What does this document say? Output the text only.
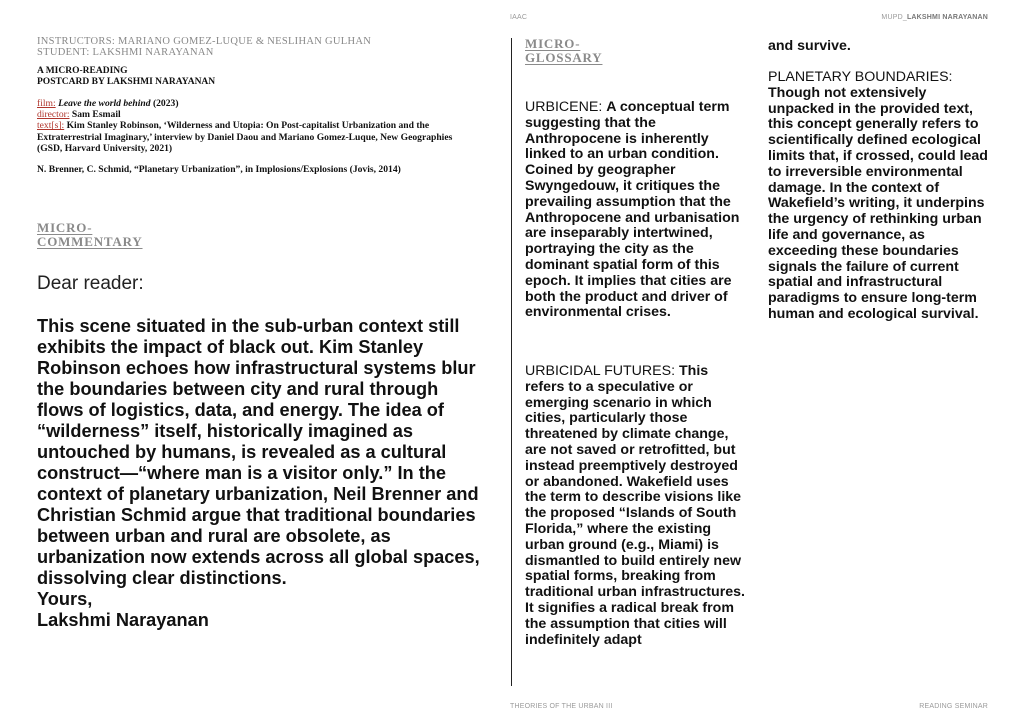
IAAC	MUPD_LAKSHMI NARAYANAN
INSTRUCTORS: MARIANO GOMEZ-LUQUE & NESLIHAN GULHAN
STUDENT: LAKSHMI NARAYANAN
A MICRO-READING
POSTCARD BY LAKSHMI NARAYANAN
film: Leave the world behind (2023)
director: Sam Esmail
text[s]: Kim Stanley Robinson, ‘Wilderness and Utopia: On Post-capitalist Urbanization and the Extraterrestrial Imaginary,’ interview by Daniel Daou and Mariano Gomez-Luque, New Geographies (GSD, Harvard University, 2021)
N. Brenner, C. Schmid, “Planetary Urbanization”, in Implosions/Explosions (Jovis, 2014)
MICRO-
COMMENTARY
Dear reader:
This scene situated in the sub-urban context still exhibits the impact of black out. Kim Stanley Robinson echoes how infrastructural systems blur the boundaries between city and rural through flows of logistics, data, and energy. The idea of “wilderness” itself, historically imagined as untouched by humans, is revealed as a cultural construct—“where man is a visitor only.” In the context of planetary urbanization, Neil Brenner and Christian Schmid argue that traditional boundaries between urban and rural are obsolete, as urbanization now extends across all global spaces, dissolving clear distinctions.
Yours,
Lakshmi Narayanan
MICRO-
GLOSSARY
URBICENE: A conceptual term suggesting that the Anthropocene is inherently linked to an urban condition. Coined by geographer Swyngedouw, it critiques the prevailing assumption that the Anthropocene and urbanisation are inseparably intertwined, portraying the city as the dominant spatial form of this epoch. It implies that cities are both the product and driver of environmental crises.
URBICIDAL FUTURES: This refers to a speculative or emerging scenario in which cities, particularly those threatened by climate change, are not saved or retrofitted, but instead preemptively destroyed or abandoned. Wakefield uses the term to describe visions like the proposed “Islands of South Florida,” where the existing urban ground (e.g., Miami) is dismantled to build entirely new spatial forms, breaking from traditional urban infrastructures. It signifies a radical break from the assumption that cities will indefinitely adapt
and survive.
PLANETARY BOUNDARIES:
Though not extensively unpacked in the provided text, this concept generally refers to scientifically defined ecological limits that, if crossed, could lead to irreversible environmental damage. In the context of Wakefield’s writing, it underpins the urgency of rethinking urban life and governance, as exceeding these boundaries signals the failure of current spatial and infrastructural paradigms to ensure long-term human and ecological survival.
THEORIES OF THE URBAN III	READING SEMINAR
